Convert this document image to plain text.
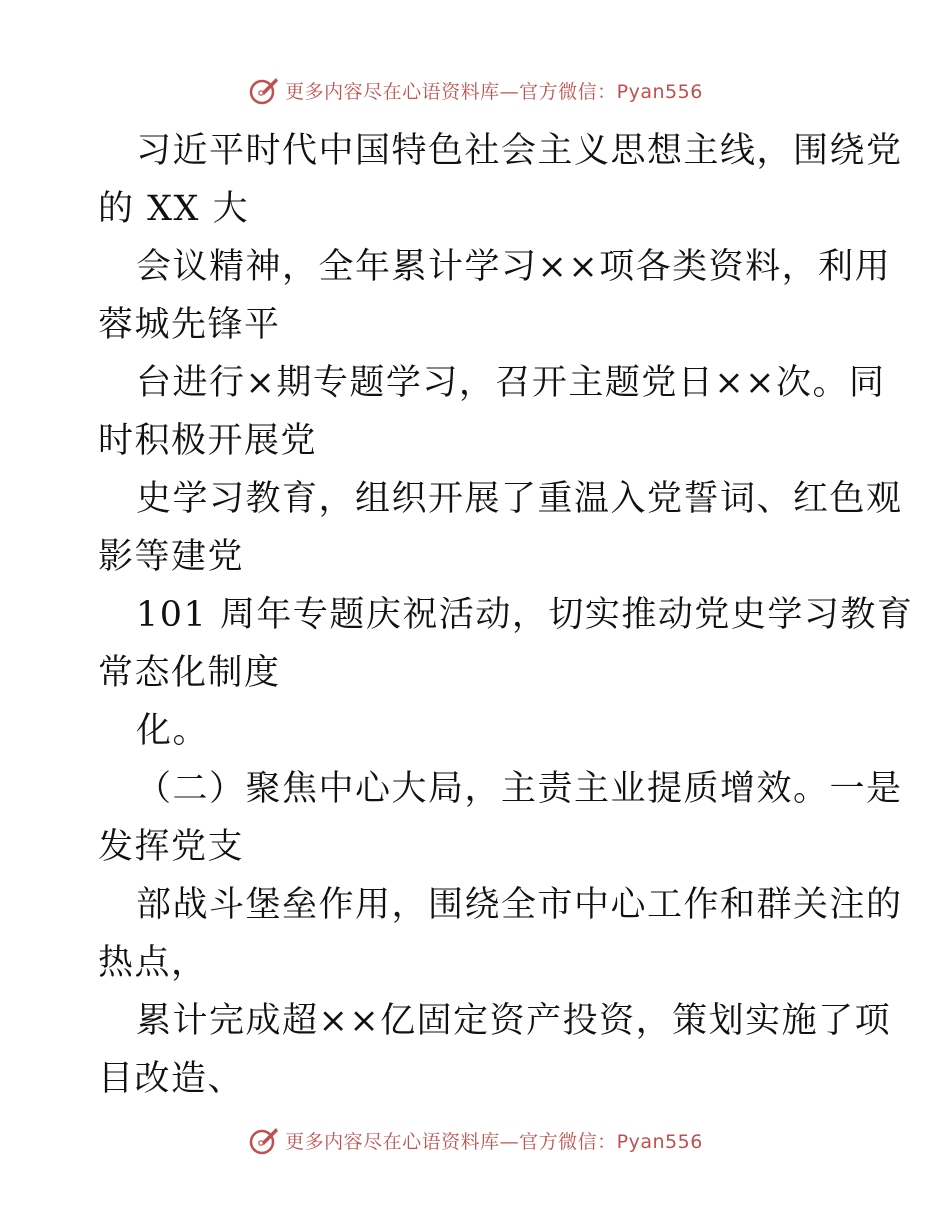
更多内容尽在心语资料库—官方微信：Pyan556
习近平时代中国特色社会主义思想主线，围绕党
的 XX 大
会议精神，全年累计学习××项各类资料，利用
蓉城先锋平
台进行×期专题学习，召开主题党日××次。同
时积极开展党
史学习教育，组织开展了重温入党誓词、红色观
影等建党
101 周年专题庆祝活动，切实推动党史学习教育
常态化制度
化。
（二）聚焦中心大局，主责主业提质增效。一是
发挥党支
部战斗堡垒作用，围绕全市中心工作和群关注的
热点，
累计完成超××亿固定资产投资，策划实施了项
目改造、
更多内容尽在心语资料库—官方微信：Pyan556
